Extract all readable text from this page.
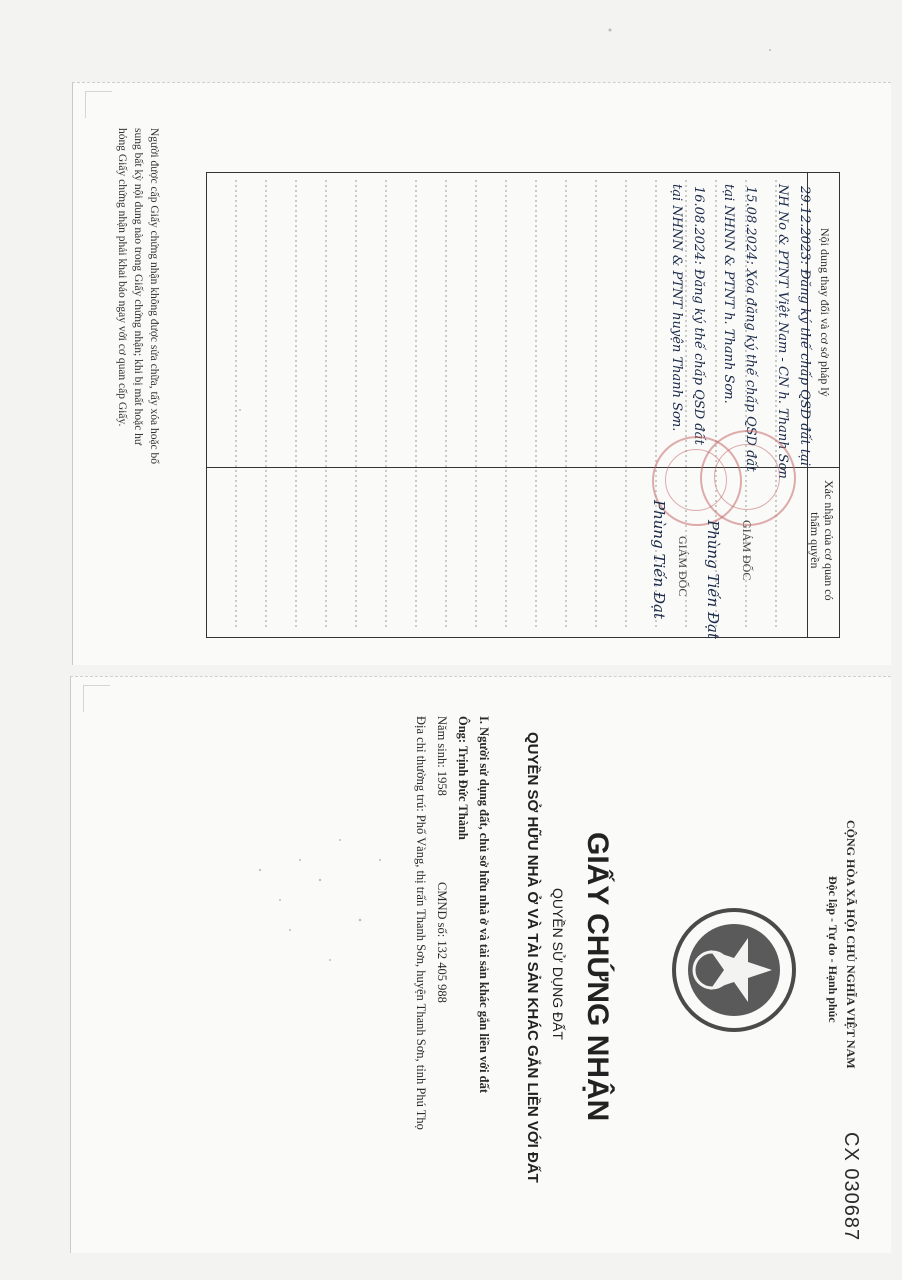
Người được cấp Giấy chứng nhận không được sửa chữa, tẩy xóa hoặc bổ
sung bất kỳ nội dung nào trong Giấy chứng nhận; khi bị mất hoặc hư
hỏng Giấy chứng nhận phải khai báo ngay với cơ quan cấp Giấy.	Nội dung thay đổi và cơ sở pháp lý
Xác nhận của cơ quan có
thẩm quyền
29.12.2023: Đăng ký thế chấp QSD đất tại
NH No & PTNT Việt Nam - CN h. Thanh Sơn
15.08.2024: Xóa đăng ký thế chấp QSD đất
tại NHNN & PTNT h. Thanh Sơn.
16.08.2024: Đăng ký thế chấp QSD đất
tại NHNN & PTNT huyện Thanh Sơn.
GIÁM ĐỐC
Phùng Tiến Đạt
GIÁM ĐỐC
Phùng Tiến Đạt
CỘNG HÒA XÃ HỘI CHỦ NGHĨA VIỆT NAM
Độc lập - Tự do - Hạnh phúc
GIẤY CHỨNG NHẬN
QUYỀN SỬ DỤNG ĐẤT
QUYỀN SỞ HỮU NHÀ Ở VÀ TÀI SẢN KHÁC GẮN LIỀN VỚI ĐẤT
I. Người sử dụng đất, chủ sở hữu nhà ở và tài sản khác gắn liền với đất
Ông: Trịnh Đức Thành
Năm sinh: 1958
CMND số: 132 405 988
Địa chỉ thường trú: Phố Vàng, thị trấn Thanh Sơn, huyện Thanh Sơn, tỉnh Phú Thọ
CX 030687
